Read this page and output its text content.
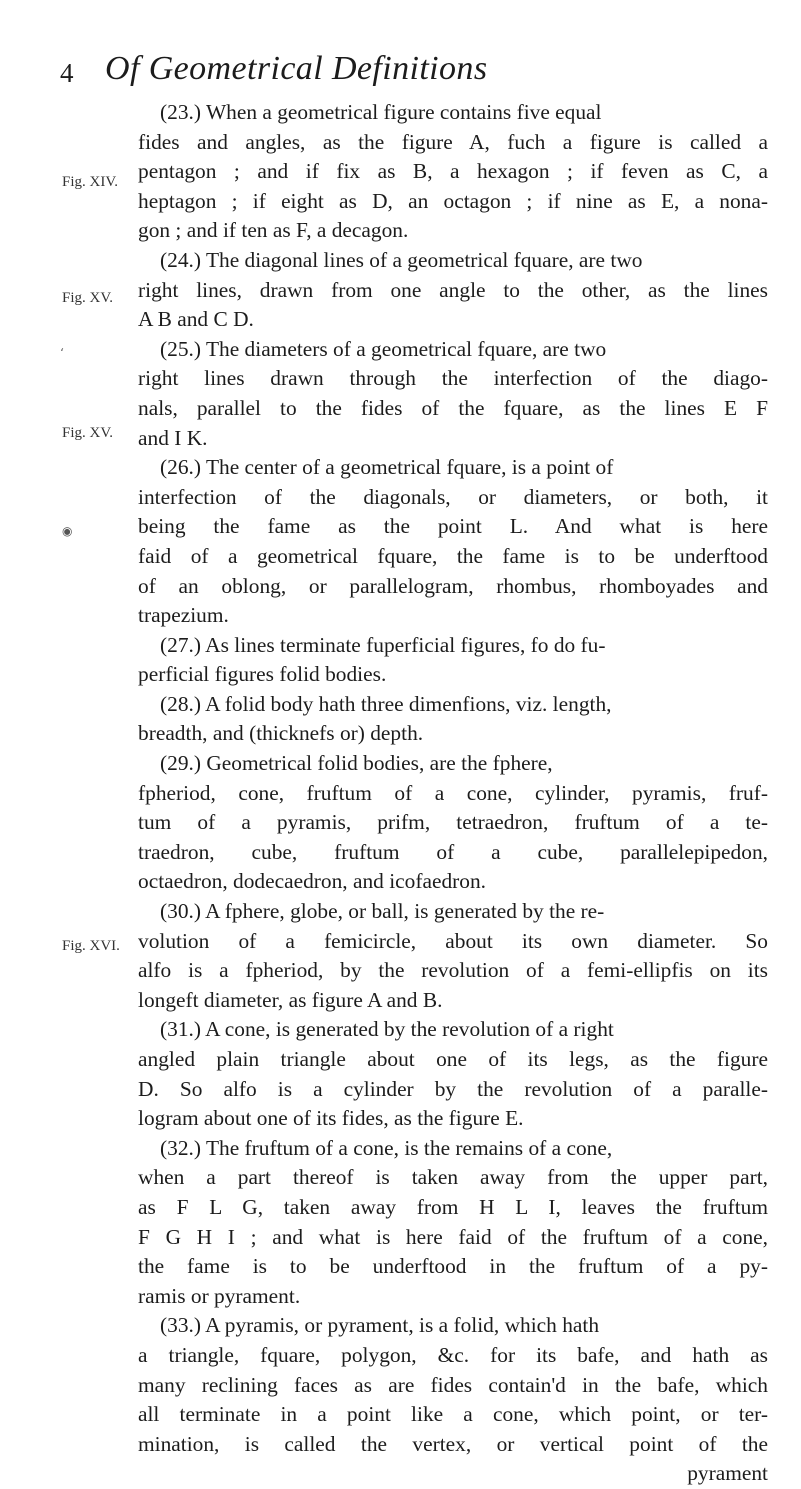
4 Of Geometrical Definitions
Fig. XIV.
Fig. XV.
‘
Fig. XV.
◉
Fig. XVI.
(23.) When a geometrical figure contains five equal
fides and angles, as the figure A, fuch a figure is called a
pentagon ; and if fix as B, a hexagon ; if feven as C, a
heptagon ; if eight as D, an octagon ; if nine as E, a nona-
gon ; and if ten as F, a decagon.
(24.) The diagonal lines of a geometrical fquare, are two
right lines, drawn from one angle to the other, as the lines
A B and C D.
(25.) The diameters of a geometrical fquare, are two
right lines drawn through the interfection of the diago-
nals, parallel to the fides of the fquare, as the lines E F
and I K.
(26.) The center of a geometrical fquare, is a point of
interfection of the diagonals, or diameters, or both, it
being the fame as the point L. And what is here
faid of a geometrical fquare, the fame is to be underftood
of an oblong, or parallelogram, rhombus, rhomboyades and
trapezium.
(27.) As lines terminate fuperficial figures, fo do fu-
perficial figures folid bodies.
(28.) A folid body hath three dimenfions, viz. length,
breadth, and (thicknefs or) depth.
(29.) Geometrical folid bodies, are the fphere,
fpheriod, cone, fruftum of a cone, cylinder, pyramis, fruf-
tum of a pyramis, prifm, tetraedron, fruftum of a te-
traedron, cube, fruftum of a cube, parallelepipedon,
octaedron, dodecaedron, and icofaedron.
(30.) A fphere, globe, or ball, is generated by the re-
volution of a femicircle, about its own diameter. So
alfo is a fpheriod, by the revolution of a femi-ellipfis on its
longeft diameter, as figure A and B.
(31.) A cone, is generated by the revolution of a right
angled plain triangle about one of its legs, as the figure
D. So alfo is a cylinder by the revolution of a paralle-
logram about one of its fides, as the figure E.
(32.) The fruftum of a cone, is the remains of a cone,
when a part thereof is taken away from the upper part,
as F L G, taken away from H L I, leaves the fruftum
F G H I ; and what is here faid of the fruftum of a cone,
the fame is to be underftood in the fruftum of a py-
ramis or pyrament.
(33.) A pyramis, or pyrament, is a folid, which hath
a triangle, fquare, polygon, &c. for its bafe, and hath as
many reclining faces as are fides contain'd in the bafe, which
all terminate in a point like a cone, which point, or ter-
mination, is called the vertex, or vertical point of the
pyrament
